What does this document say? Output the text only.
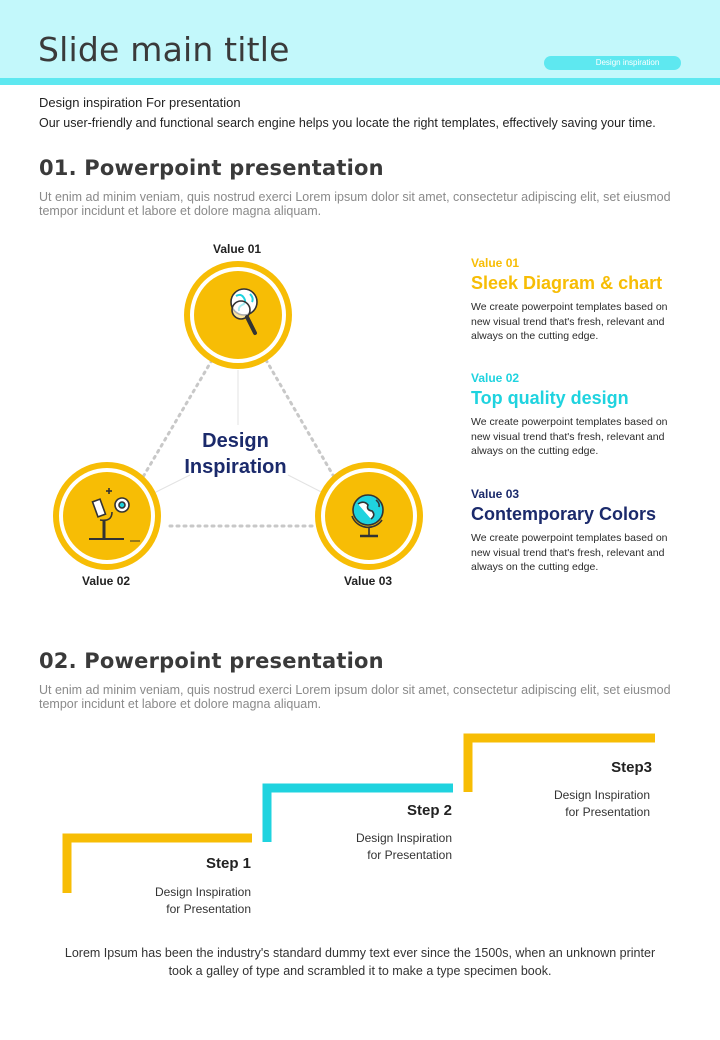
Slide main title	Design inspiration
Design inspiration For presentation
Our user-friendly and functional search engine helps you locate the right templates, effectively saving your time.
01. Powerpoint presentation

Ut enim ad minim veniam, quis nostrud exerci Lorem ipsum dolor sit amet, consectetur adipiscing elit, set eiusmod tempor incidunt et labore et dolore magna aliquam.

Value 01
Value 02	Value 03
Design
Inspiration
Value 01
Sleek Diagram & chart
We create powerpoint templates based on new visual trend that's fresh, relevant and always on the cutting edge.
Value 02
Top quality design
We create powerpoint templates based on new visual trend that's fresh, relevant and always on the cutting edge.
Value 03
Contemporary Colors
We create powerpoint templates based on new visual trend that's fresh, relevant and always on the cutting edge.
02. Powerpoint presentation

Ut enim ad minim veniam, quis nostrud exerci Lorem ipsum dolor sit amet, consectetur adipiscing elit, set eiusmod tempor incidunt et labore et dolore magna aliquam.

Step 1
Design Inspiration
for Presentation
Step 2
Design Inspiration
for Presentation
Step3
Design Inspiration
for Presentation

Lorem Ipsum has been the industry's standard dummy text ever since the 1500s, when an unknown printer took a galley of type and scrambled it to make a type specimen book.
